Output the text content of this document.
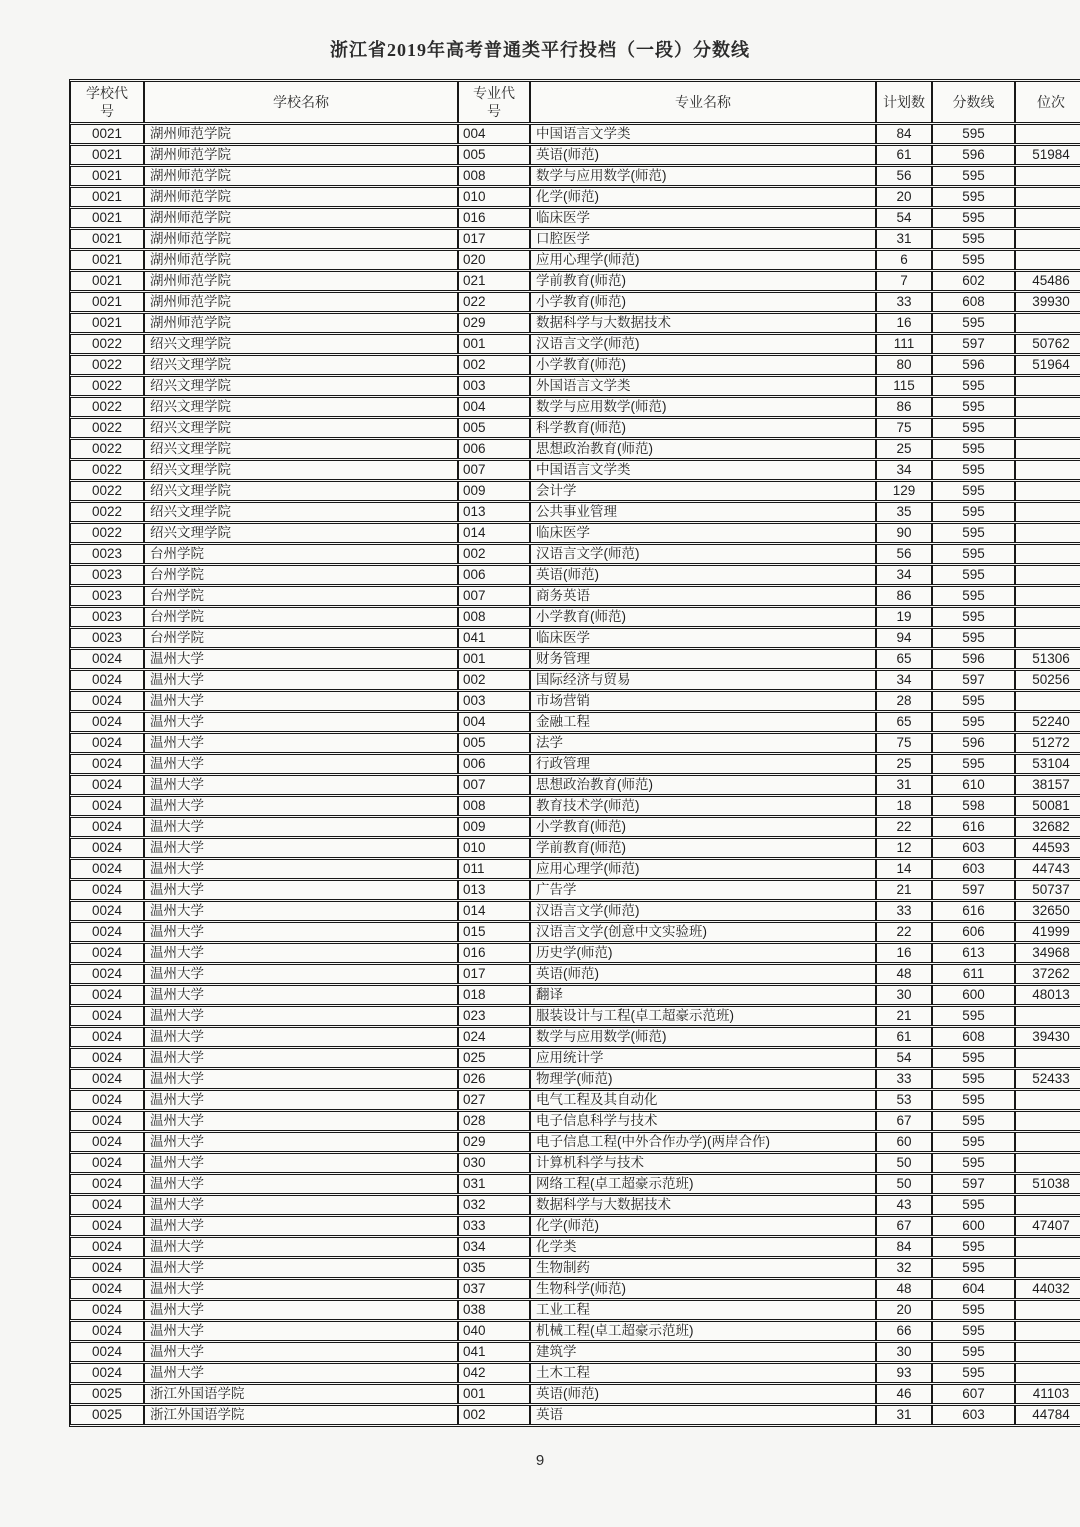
浙江省2019年高考普通类平行投档（一段）分数线
学校代号	学校名称	专业代号	专业名称	计划数	分数线	位次
0021	湖州师范学院	004	中国语言文学类	84	595	
0021	湖州师范学院	005	英语(师范)	61	596	51984
0021	湖州师范学院	008	数学与应用数学(师范)	56	595	
0021	湖州师范学院	010	化学(师范)	20	595	
0021	湖州师范学院	016	临床医学	54	595	
0021	湖州师范学院	017	口腔医学	31	595	
0021	湖州师范学院	020	应用心理学(师范)	6	595	
0021	湖州师范学院	021	学前教育(师范)	7	602	45486
0021	湖州师范学院	022	小学教育(师范)	33	608	39930
0021	湖州师范学院	029	数据科学与大数据技术	16	595	
0022	绍兴文理学院	001	汉语言文学(师范)	111	597	50762
0022	绍兴文理学院	002	小学教育(师范)	80	596	51964
0022	绍兴文理学院	003	外国语言文学类	115	595	
0022	绍兴文理学院	004	数学与应用数学(师范)	86	595	
0022	绍兴文理学院	005	科学教育(师范)	75	595	
0022	绍兴文理学院	006	思想政治教育(师范)	25	595	
0022	绍兴文理学院	007	中国语言文学类	34	595	
0022	绍兴文理学院	009	会计学	129	595	
0022	绍兴文理学院	013	公共事业管理	35	595	
0022	绍兴文理学院	014	临床医学	90	595	
0023	台州学院	002	汉语言文学(师范)	56	595	
0023	台州学院	006	英语(师范)	34	595	
0023	台州学院	007	商务英语	86	595	
0023	台州学院	008	小学教育(师范)	19	595	
0023	台州学院	041	临床医学	94	595	
0024	温州大学	001	财务管理	65	596	51306
0024	温州大学	002	国际经济与贸易	34	597	50256
0024	温州大学	003	市场营销	28	595	
0024	温州大学	004	金融工程	65	595	52240
0024	温州大学	005	法学	75	596	51272
0024	温州大学	006	行政管理	25	595	53104
0024	温州大学	007	思想政治教育(师范)	31	610	38157
0024	温州大学	008	教育技术学(师范)	18	598	50081
0024	温州大学	009	小学教育(师范)	22	616	32682
0024	温州大学	010	学前教育(师范)	12	603	44593
0024	温州大学	011	应用心理学(师范)	14	603	44743
0024	温州大学	013	广告学	21	597	50737
0024	温州大学	014	汉语言文学(师范)	33	616	32650
0024	温州大学	015	汉语言文学(创意中文实验班)	22	606	41999
0024	温州大学	016	历史学(师范)	16	613	34968
0024	温州大学	017	英语(师范)	48	611	37262
0024	温州大学	018	翻译	30	600	48013
0024	温州大学	023	服装设计与工程(卓工超豪示范班)	21	595	
0024	温州大学	024	数学与应用数学(师范)	61	608	39430
0024	温州大学	025	应用统计学	54	595	
0024	温州大学	026	物理学(师范)	33	595	52433
0024	温州大学	027	电气工程及其自动化	53	595	
0024	温州大学	028	电子信息科学与技术	67	595	
0024	温州大学	029	电子信息工程(中外合作办学)(两岸合作)	60	595	
0024	温州大学	030	计算机科学与技术	50	595	
0024	温州大学	031	网络工程(卓工超豪示范班)	50	597	51038
0024	温州大学	032	数据科学与大数据技术	43	595	
0024	温州大学	033	化学(师范)	67	600	47407
0024	温州大学	034	化学类	84	595	
0024	温州大学	035	生物制药	32	595	
0024	温州大学	037	生物科学(师范)	48	604	44032
0024	温州大学	038	工业工程	20	595	
0024	温州大学	040	机械工程(卓工超豪示范班)	66	595	
0024	温州大学	041	建筑学	30	595	
0024	温州大学	042	土木工程	93	595	
0025	浙江外国语学院	001	英语(师范)	46	607	41103
0025	浙江外国语学院	002	英语	31	603	44784
9
